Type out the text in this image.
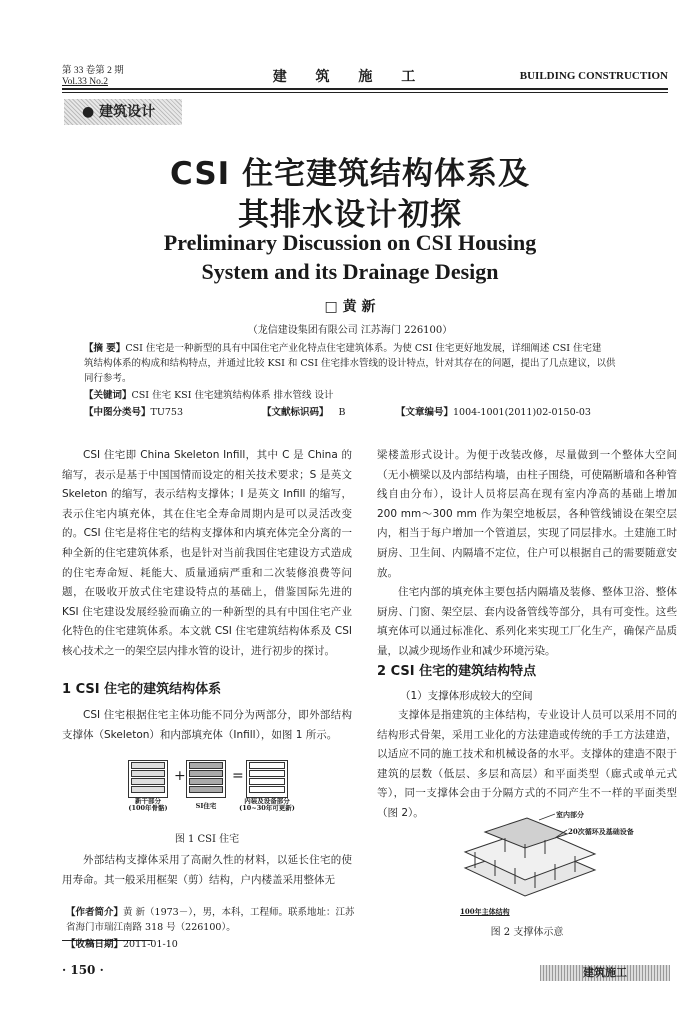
第 33 卷第 2 期
Vol.33 No.2	建 筑 施 工	BUILDING CONSTRUCTION
● 建筑设计
CSI 住宅建筑结构体系及
其排水设计初探
Preliminary Discussion on CSI Housing
System and its Drainage Design
□ 黄 新
（龙信建设集团有限公司 江苏海门 226100）
【摘 要】CSI 住宅是一种新型的具有中国住宅产业化特点住宅建筑体系。为使 CSI 住宅更好地发展，详细阐述 CSI 住宅建
筑结构体系的构成和结构特点，并通过比较 KSI 和 CSI 住宅排水管线的设计特点，针对其存在的问题，提出了几点建议，以供
同行参考。
【关键词】CSI 住宅 KSI 住宅建筑结构体系 排水管线 设计
【中图分类号】TU753	【文献标识码】 B	【文章编号】1004-1001(2011)02-0150-03

CSI 住宅即 China Skeleton Infill，其中 C 是 China 的缩写，表示是基于中国国情而设定的相关技术要求；S 是英文 Skeleton 的缩写，表示结构支撑体；I 是英文 Infill 的缩写，表示住宅内填充体，其在住宅全寿命周期内是可以灵活改变的。CSI 住宅是将住宅的结构支撑体和内填充体完全分离的一种全新的住宅建筑体系，也是针对当前我国住宅建设方式造成的住宅寿命短、耗能大、质量通病严重和二次装修浪费等问题，在吸收开放式住宅建设特点的基础上，借鉴国际先进的 KSI 住宅建设发展经验而确立的一种新型的具有中国住宅产业化特色的住宅建筑体系。本文就 CSI 住宅建筑结构体系及 CSI 核心技术之一的架空层内排水管的设计，进行初步的探讨。

1 CSI 住宅的建筑结构体系

CSI 住宅根据住宅主体功能不同分为两部分，即外部结构支撑体（Skeleton）和内部填充体（Infill），如图 1 所示。

+	=
新干部分
(100年骨骼)	SI住宅
内装及设备部分
(10~30年可更新)
图 1 CSI 住宅

外部结构支撑体采用了高耐久性的材料，以延长住宅的使用寿命。其一般采用框架（剪）结构，户内楼盖采用整体无

【作者简介】黄 新（1973－），男，本科，工程师。联系地址：江苏省海门市瑞江南路 318 号（226100）。
【收稿日期】2011-01-10

梁楼盖形式设计。为便于改装改修，尽量做到一个整体大空间（无小横梁以及内部结构墙，由柱子围绕，可使隔断墙和各种管线自由分布），设计人员将层高在现有室内净高的基础上增加 200 mm～300 mm 作为架空地板层，各种管线铺设在架空层内，相当于每户增加一个管道层，实现了同层排水。土建施工时厨房、卫生间、内隔墙不定位，住户可以根据自己的需要随意安放。

住宅内部的填充体主要包括内隔墙及装修、整体卫浴、整体厨房、门窗、架空层、套内设备管线等部分，具有可变性。这些填充体可以通过标准化、系列化来实现工厂化生产，确保产品质量，以减少现场作业和减少环境污染。

2 CSI 住宅的建筑结构特点
（1）支撑体形成较大的空间

支撑体是指建筑的主体结构，专业设计人员可以采用不同的结构形式骨架，采用工业化的方法建造或传统的手工方法建造，以适应不同的施工技术和机械设备的水平。支撑体的建造不限于建筑的层数（低层、多层和高层）和平面类型（廊式或单元式等），同一支撑体会由于分隔方式的不同产生不一样的平面类型（图 2）。	室内部分
20次循环及基础设备
100年主体结构
图 2 支撑体示意
· 150 ·	建筑施工
